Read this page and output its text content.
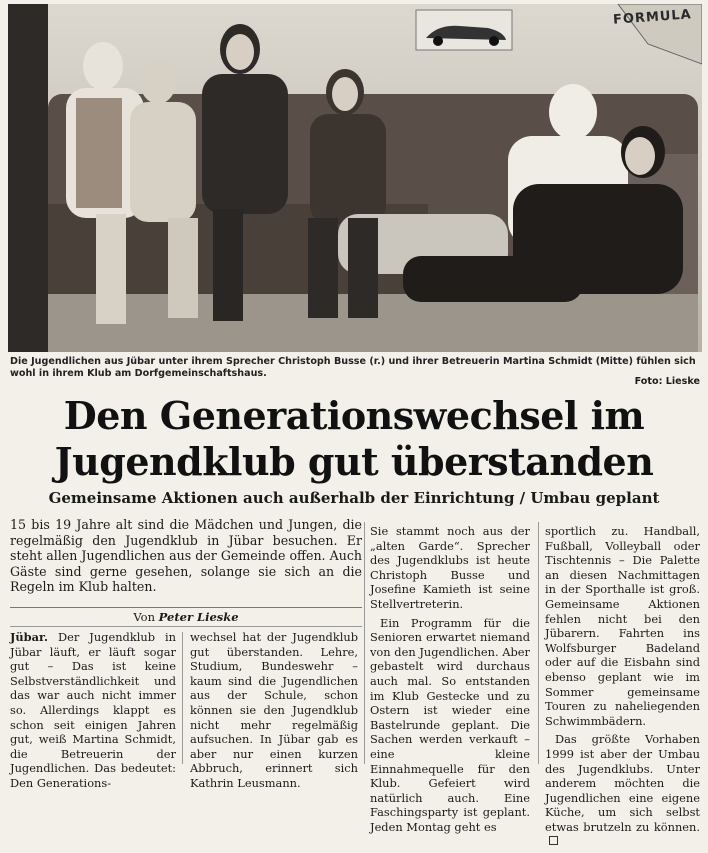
FORMULA
Die Jugendlichen aus Jübar unter ihrem Sprecher Christoph Busse (r.) und ihrer Betreuerin Martina Schmidt (Mitte) fühlen sich wohl in ihrem Klub am Dorfgemeinschaftshaus.
Foto: Lieske
Den Generationswechsel im
Jugendklub gut überstanden
Gemeinsame Aktionen auch außerhalb der Einrichtung / Umbau geplant
15 bis 19 Jahre alt sind die Mädchen und Jungen, die regelmäßig den Jugendklub in Jübar besuchen. Er steht allen Jugendlichen aus der Gemeinde offen. Auch Gäste sind gerne gesehen, solange sie sich an die Regeln im Klub halten.
Von Peter Lieske

Jübar. Der Jugendklub in Jübar läuft, er läuft sogar gut – Das ist keine Selbstverständlichkeit und das war auch nicht immer so. Allerdings klappt es schon seit einigen Jahren gut, weiß Martina Schmidt, die Betreuerin der Jugendlichen. Das bedeutet: Den Generations-

wechsel hat der Jugendklub gut überstanden. Lehre, Studium, Bundeswehr – kaum sind die Jugendlichen aus der Schule, schon können sie den Jugendklub nicht mehr regelmäßig aufsuchen. In Jübar gab es aber nur einen kurzen Abbruch, erinnert sich Kathrin Leusmann.

Sie stammt noch aus der „alten Garde“. Sprecher des Jugendklubs ist heute Christoph Busse und Josefine Kamieth ist seine Stellvertreterin.

Ein Programm für die Senioren erwartet niemand von den Jugendlichen. Aber gebastelt wird durchaus auch mal. So entstanden im Klub Gestecke und zu Ostern ist wieder eine Bastelrunde geplant. Die Sachen werden verkauft – eine kleine Einnahmequelle für den Klub. Gefeiert wird natürlich auch. Eine Faschingsparty ist geplant. Jeden Montag geht es

sportlich zu. Handball, Fußball, Volleyball oder Tischtennis – Die Palette an diesen Nachmittagen in der Sporthalle ist groß. Gemeinsame Aktionen fehlen nicht bei den Jübarern. Fahrten ins Wolfsburger Badeland oder auf die Eisbahn sind ebenso geplant wie im Sommer gemeinsame Touren zu naheliegenden Schwimmbädern.

Das größte Vorhaben 1999 ist aber der Umbau des Jugendklubs. Unter anderem möchten die Jugendlichen eine eigene Küche, um sich selbst etwas brutzeln zu können.
